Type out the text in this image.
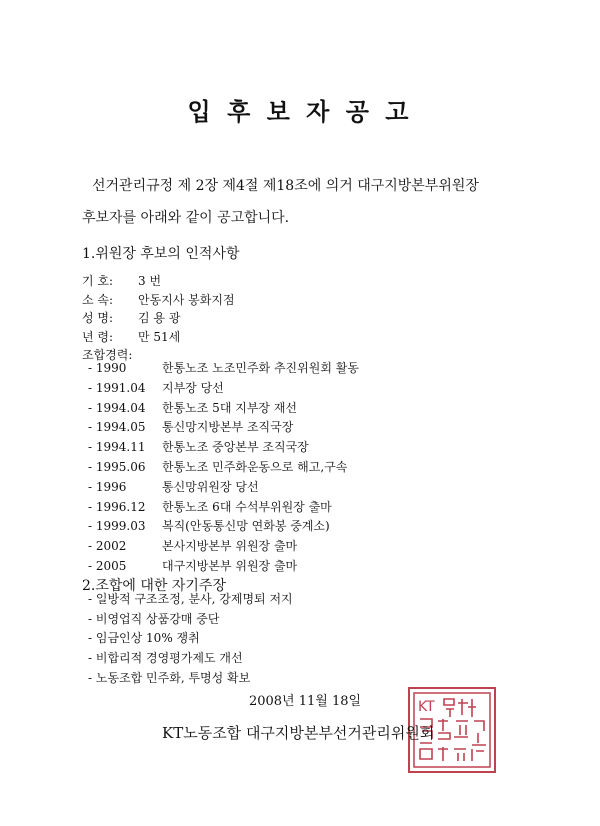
입 후 보 자 공 고
선거관리규정 제 2장 제4절 제18조에 의거 대구지방본부위원장
후보자를 아래와 같이 공고합니다.
1.위원장 후보의 인적사항
기 호: 3 번
소 속: 안동지사 봉화지점
성 명: 김 용 광
년 령: 만 51세
조합경력:
- 1990	한통노조 노조민주화 추진위원회 활동
- 1991.04 지부장 당선
- 1994.04 한통노조 5대 지부장 재선
- 1994.05 통신망지방본부 조직국장
- 1994.11 한통노조 중앙본부 조직국장
- 1995.06 한통노조 민주화운동으로 해고,구속
- 1996	통신망위원장 당선
- 1996.12 한통노조 6대 수석부위원장 출마
- 1999.03 복직(안동통신망 연화봉 중계소)
- 2002	본사지방본부 위원장 출마
- 2005	대구지방본부 위원장 출마
2.조합에 대한 자기주장
- 일방적 구조조정, 분사, 강제명퇴 저지
- 비영업직 상품강매 중단
- 임금인상 10% 쟁취
- 비합리적 경영평가제도 개선
- 노동조합 민주화, 투명성 확보
2008년 11월 18일	KT
KT노동조합 대구지방본부선거관리위원회
